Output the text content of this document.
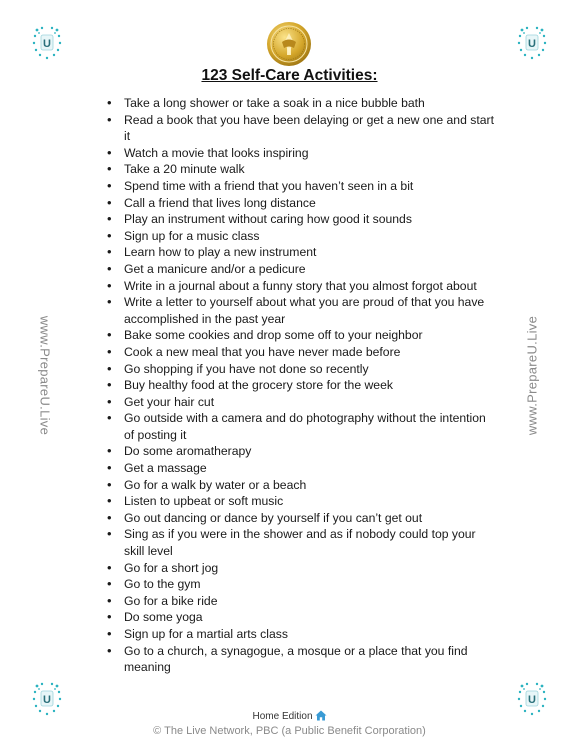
U	U
U	U
www.PrepareU.Live	www.PrepareU.Live
123 Self-Care Activities:
• Take a long shower or take a soak in a nice bubble bath
• Read a book that you have been delaying or get a new one and start it
• Watch a movie that looks inspiring
• Take a 20 minute walk
• Spend time with a friend that you haven’t seen in a bit
• Call a friend that lives long distance
• Play an instrument without caring how good it sounds
• Sign up for a music class
• Learn how to play a new instrument
• Get a manicure and/or a pedicure
• Write in a journal about a funny story that you almost forgot about
• Write a letter to yourself about what you are proud of that you have accomplished in the past year
• Bake some cookies and drop some off to your neighbor
• Cook a new meal that you have never made before
• Go shopping if you have not done so recently
• Buy healthy food at the grocery store for the week
• Get your hair cut
• Go outside with a camera and do photography without the intention of posting it
• Do some aromatherapy
• Get a massage
• Go for a walk by water or a beach
• Listen to upbeat or soft music
• Go out dancing or dance by yourself if you can’t get out
• Sing as if you were in the shower and as if nobody could top your skill level
• Go for a short jog
• Go to the gym
• Go for a bike ride
• Do some yoga
• Sign up for a martial arts class
• Go to a church, a synagogue, a mosque or a place that you find meaning
Home Edition
© The Live Network, PBC (a Public Benefit Corporation)
